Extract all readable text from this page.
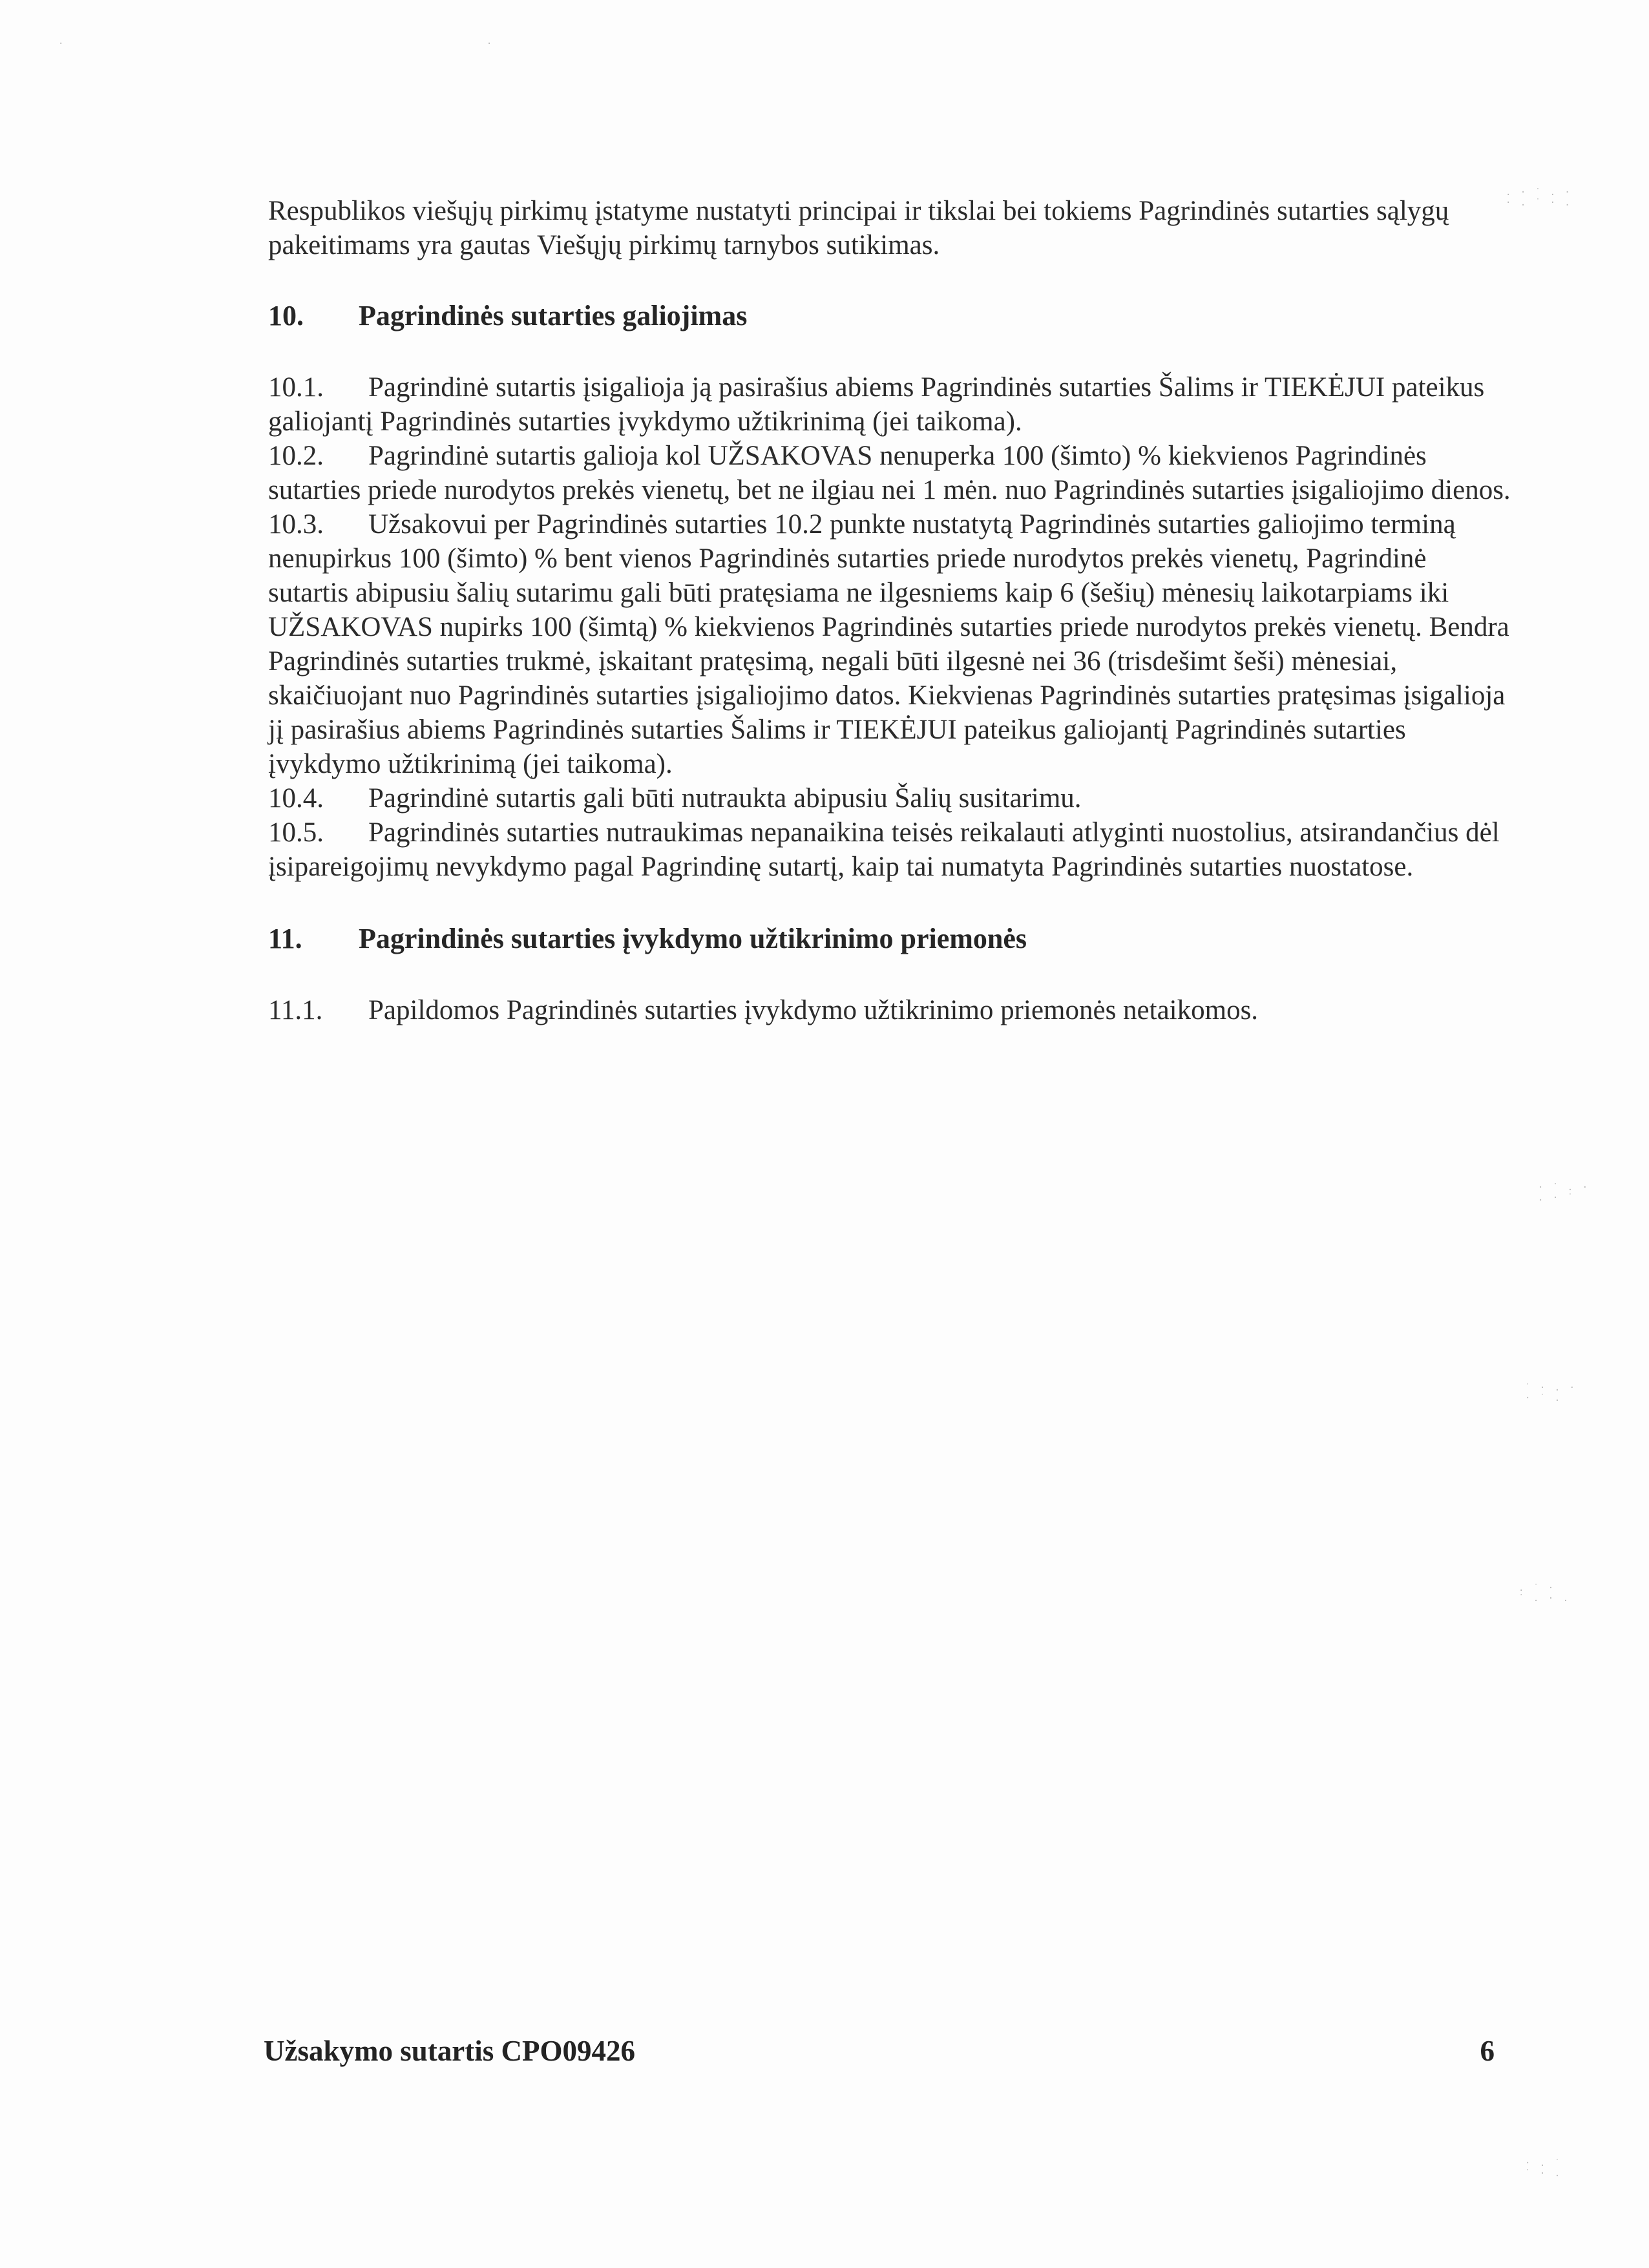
·                                                         ·
. · ˙ . ·
· . ˙ · .
· ˙ . ·
. · ˙
˙ · . ·
· ˙ .
. ˙ ·
˙ . · .
· . ˙
˙ · .

Respublikos viešųjų pirkimų įstatyme nustatyti principai ir tikslai bei tokiems Pagrindinės sutarties sąlygų pakeitimams yra gautas Viešųjų pirkimų tarnybos sutikimas.

10.	Pagrindinės sutarties galiojimas

10.1. Pagrindinė sutartis įsigalioja ją pasirašius abiems Pagrindinės sutarties Šalims ir TIEKĖJUI pateikus galiojantį Pagrindinės sutarties įvykdymo užtikrinimą (jei taikoma).

10.2. Pagrindinė sutartis galioja kol UŽSAKOVAS nenuperka 100 (šimto) % kiekvienos Pagrindinės sutarties priede nurodytos prekės vienetų, bet ne ilgiau nei 1 mėn. nuo Pagrindinės sutarties įsigaliojimo dienos.

10.3. Užsakovui per Pagrindinės sutarties 10.2 punkte nustatytą Pagrindinės sutarties galiojimo terminą nenupirkus 100 (šimto) % bent vienos Pagrindinės sutarties priede nurodytos prekės vienetų, Pagrindinė sutartis abipusiu šalių sutarimu gali būti pratęsiama ne ilgesniems kaip 6 (šešių) mėnesių laikotarpiams iki UŽSAKOVAS nupirks 100 (šimtą) % kiekvienos Pagrindinės sutarties priede nurodytos prekės vienetų. Bendra Pagrindinės sutarties trukmė, įskaitant pratęsimą, negali būti ilgesnė nei 36 (trisdešimt šeši) mėnesiai, skaičiuojant nuo Pagrindinės sutarties įsigaliojimo datos. Kiekvienas Pagrindinės sutarties pratęsimas įsigalioja jį pasirašius abiems Pagrindinės sutarties Šalims ir TIEKĖJUI pateikus galiojantį Pagrindinės sutarties įvykdymo užtikrinimą (jei taikoma).

10.4. Pagrindinė sutartis gali būti nutraukta abipusiu Šalių susitarimu.

10.5. Pagrindinės sutarties nutraukimas nepanaikina teisės reikalauti atlyginti nuostolius, atsirandančius dėl įsipareigojimų nevykdymo pagal Pagrindinę sutartį, kaip tai numatyta Pagrindinės sutarties nuostatose.

11.	Pagrindinės sutarties įvykdymo užtikrinimo priemonės

11.1. Papildomos Pagrindinės sutarties įvykdymo užtikrinimo priemonės netaikomos.

Užsakymo sutartis CPO09426	6
